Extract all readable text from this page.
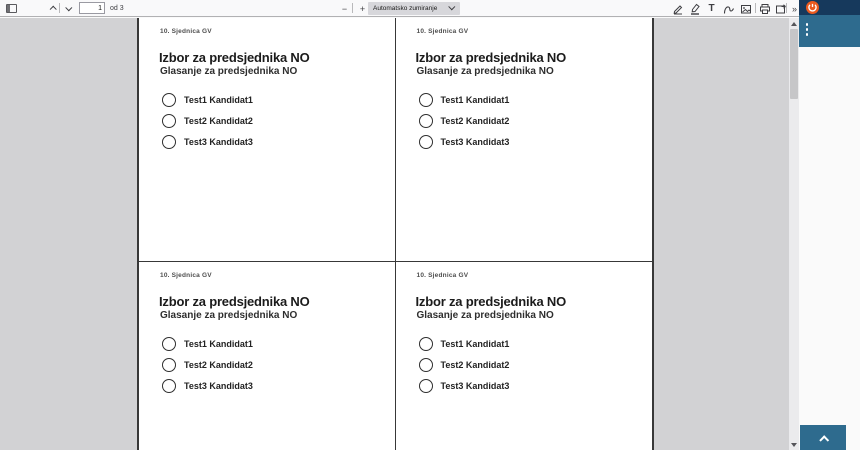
1
od 3	−	+	Automatsko zumiranje	T	»
10. Sjednica GV
Izbor za predsjednika NO
Glasanje za predsjednika NO
Test1 Kandidat1
Test2 Kandidat2
Test3 Kandidat3
10. Sjednica GV
Izbor za predsjednika NO
Glasanje za predsjednika NO
Test1 Kandidat1
Test2 Kandidat2
Test3 Kandidat3
10. Sjednica GV
Izbor za predsjednika NO
Glasanje za predsjednika NO
Test1 Kandidat1
Test2 Kandidat2
Test3 Kandidat3
10. Sjednica GV
Izbor za predsjednika NO
Glasanje za predsjednika NO
Test1 Kandidat1
Test2 Kandidat2
Test3 Kandidat3
